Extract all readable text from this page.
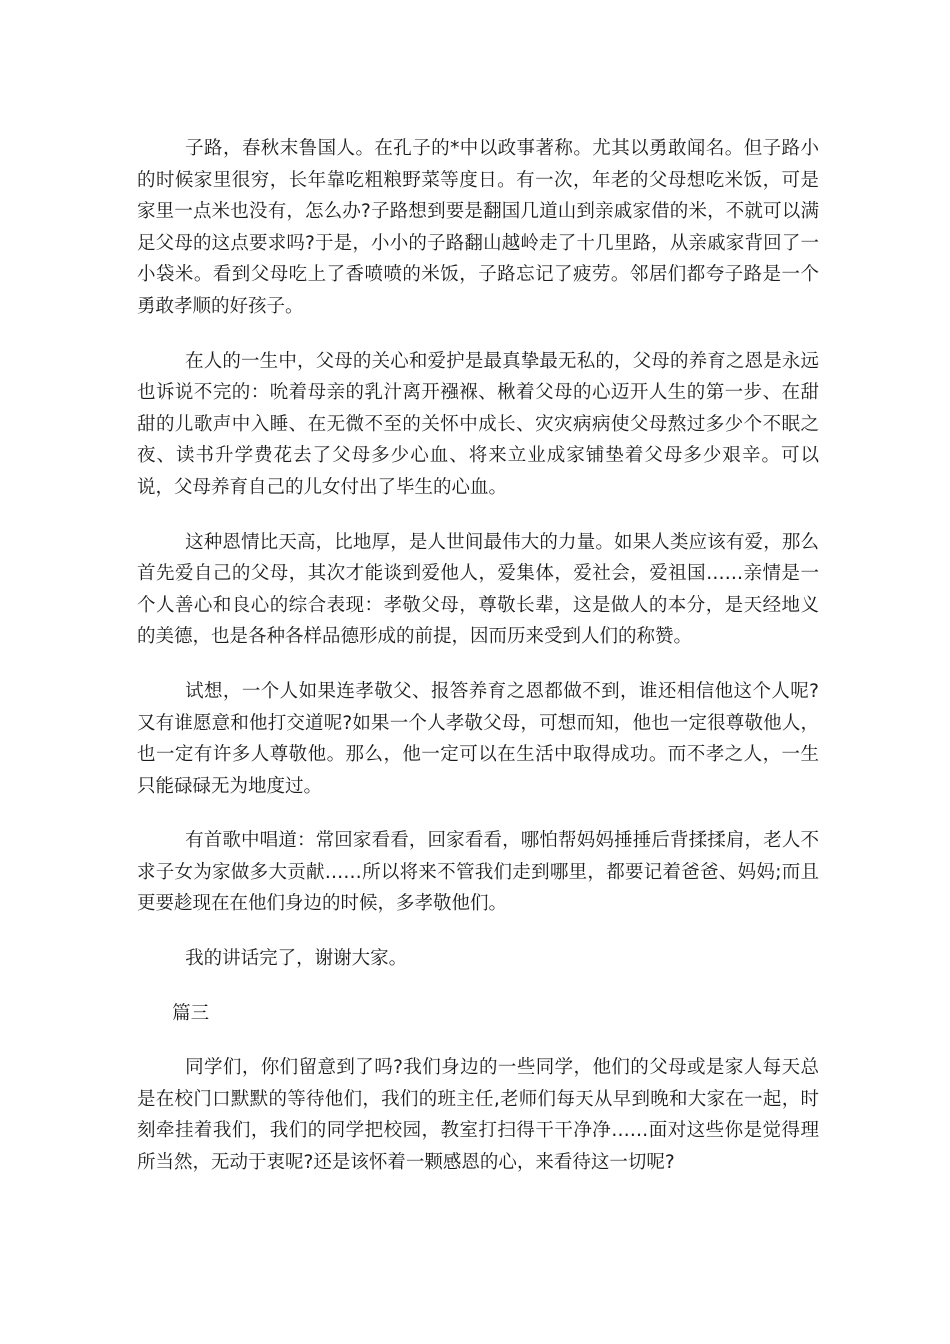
子路，春秋末鲁国人。在孔子的*中以政事著称。尤其以勇敢闻名。但子路小的时候家里很穷，长年靠吃粗粮野菜等度日。有一次，年老的父母想吃米饭，可是家里一点米也没有，怎么办?子路想到要是翻国几道山到亲戚家借的米，不就可以满足父母的这点要求吗?于是，小小的子路翻山越岭走了十几里路，从亲戚家背回了一小袋米。看到父母吃上了香喷喷的米饭，子路忘记了疲劳。邻居们都夸子路是一个勇敢孝顺的好孩子。

在人的一生中，父母的关心和爱护是最真挚最无私的，父母的养育之恩是永远也诉说不完的：吮着母亲的乳汁离开襁褓、楸着父母的心迈开人生的第一步、在甜甜的儿歌声中入睡、在无微不至的关怀中成长、灾灾病病使父母熬过多少个不眠之夜、读书升学费花去了父母多少心血、将来立业成家铺垫着父母多少艰辛。可以说，父母养育自己的儿女付出了毕生的心血。

这种恩情比天高，比地厚，是人世间最伟大的力量。如果人类应该有爱，那么首先爱自己的父母，其次才能谈到爱他人，爱集体，爱社会，爱祖国……亲情是一个人善心和良心的综合表现：孝敬父母，尊敬长辈，这是做人的本分，是天经地义的美德，也是各种各样品德形成的前提，因而历来受到人们的称赞。

试想，一个人如果连孝敬父、报答养育之恩都做不到，谁还相信他这个人呢?又有谁愿意和他打交道呢?如果一个人孝敬父母，可想而知，他也一定很尊敬他人，也一定有许多人尊敬他。那么，他一定可以在生活中取得成功。而不孝之人，一生只能碌碌无为地度过。

有首歌中唱道：常回家看看，回家看看，哪怕帮妈妈捶捶后背揉揉肩，老人不求子女为家做多大贡献……所以将来不管我们走到哪里，都要记着爸爸、妈妈;而且更要趁现在在他们身边的时候，多孝敬他们。

我的讲话完了，谢谢大家。

篇三

同学们，你们留意到了吗?我们身边的一些同学，他们的父母或是家人每天总是在校门口默默的等待他们，我们的班主任,老师们每天从早到晚和大家在一起，时刻牵挂着我们，我们的同学把校园，教室打扫得干干净净……面对这些你是觉得理所当然，无动于衷呢?还是该怀着一颗感恩的心，来看待这一切呢?
